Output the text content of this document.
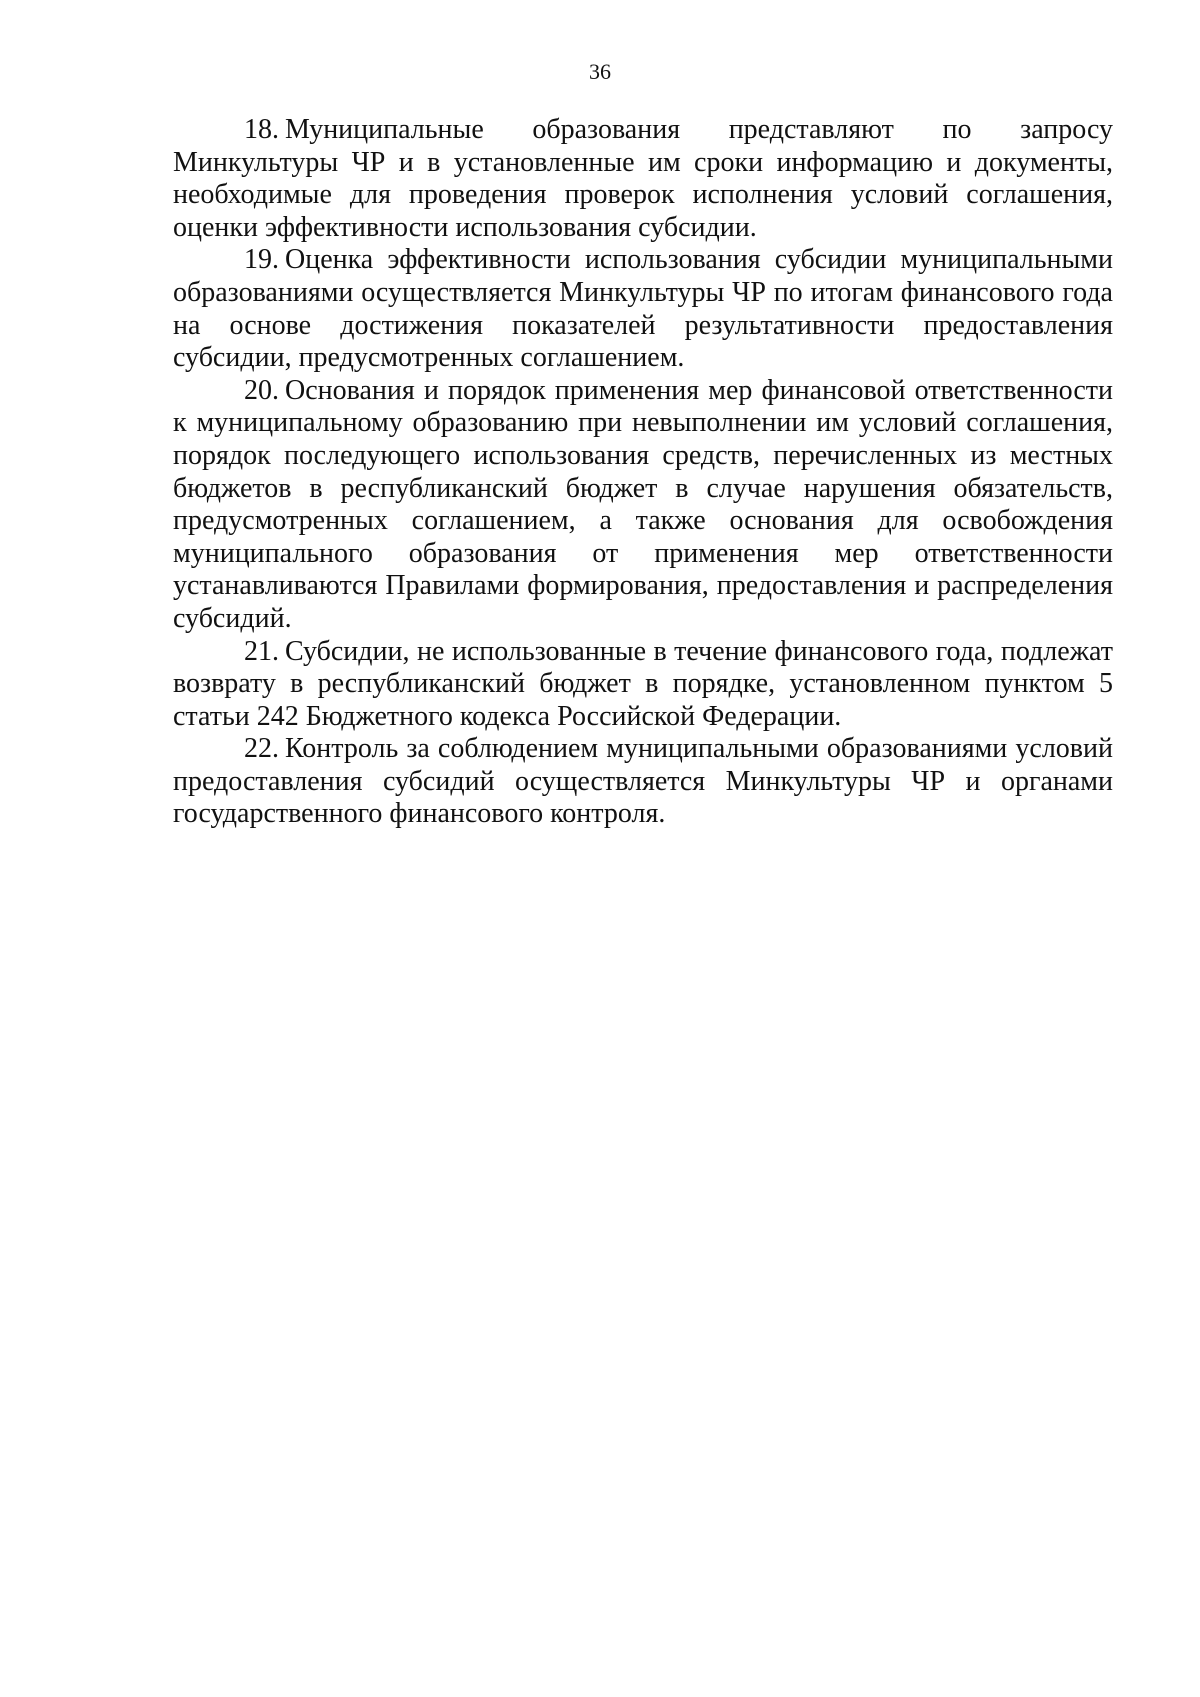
36

18. Муниципальные образования представляют по запросу Минкультуры ЧР и в установленные им сроки информацию и документы, необходимые для проведения проверок исполнения условий соглашения, оценки эффективности использования субсидии.

19. Оценка эффективности использования субсидии муниципальными образованиями осуществляется Минкультуры ЧР по итогам финансового года на основе достижения показателей результативности предоставления субсидии, предусмотренных соглашением.

20. Основания и порядок применения мер финансовой ответственности к муниципальному образованию при невыполнении им условий соглашения, порядок последующего использования средств, перечисленных из местных бюджетов в республиканский бюджет в случае нарушения обязательств, предусмотренных соглашением, а также основания для освобождения муниципального образования от применения мер ответственности устанавливаются Правилами формирования, предоставления и распределения субсидий.

21. Субсидии, не использованные в течение финансового года, подлежат возврату в республиканский бюджет в порядке, установленном пунктом 5 статьи 242 Бюджетного кодекса Российской Федерации.

22. Контроль за соблюдением муниципальными образованиями условий предоставления субсидий осуществляется Минкультуры ЧР и органами государственного финансового контроля.
